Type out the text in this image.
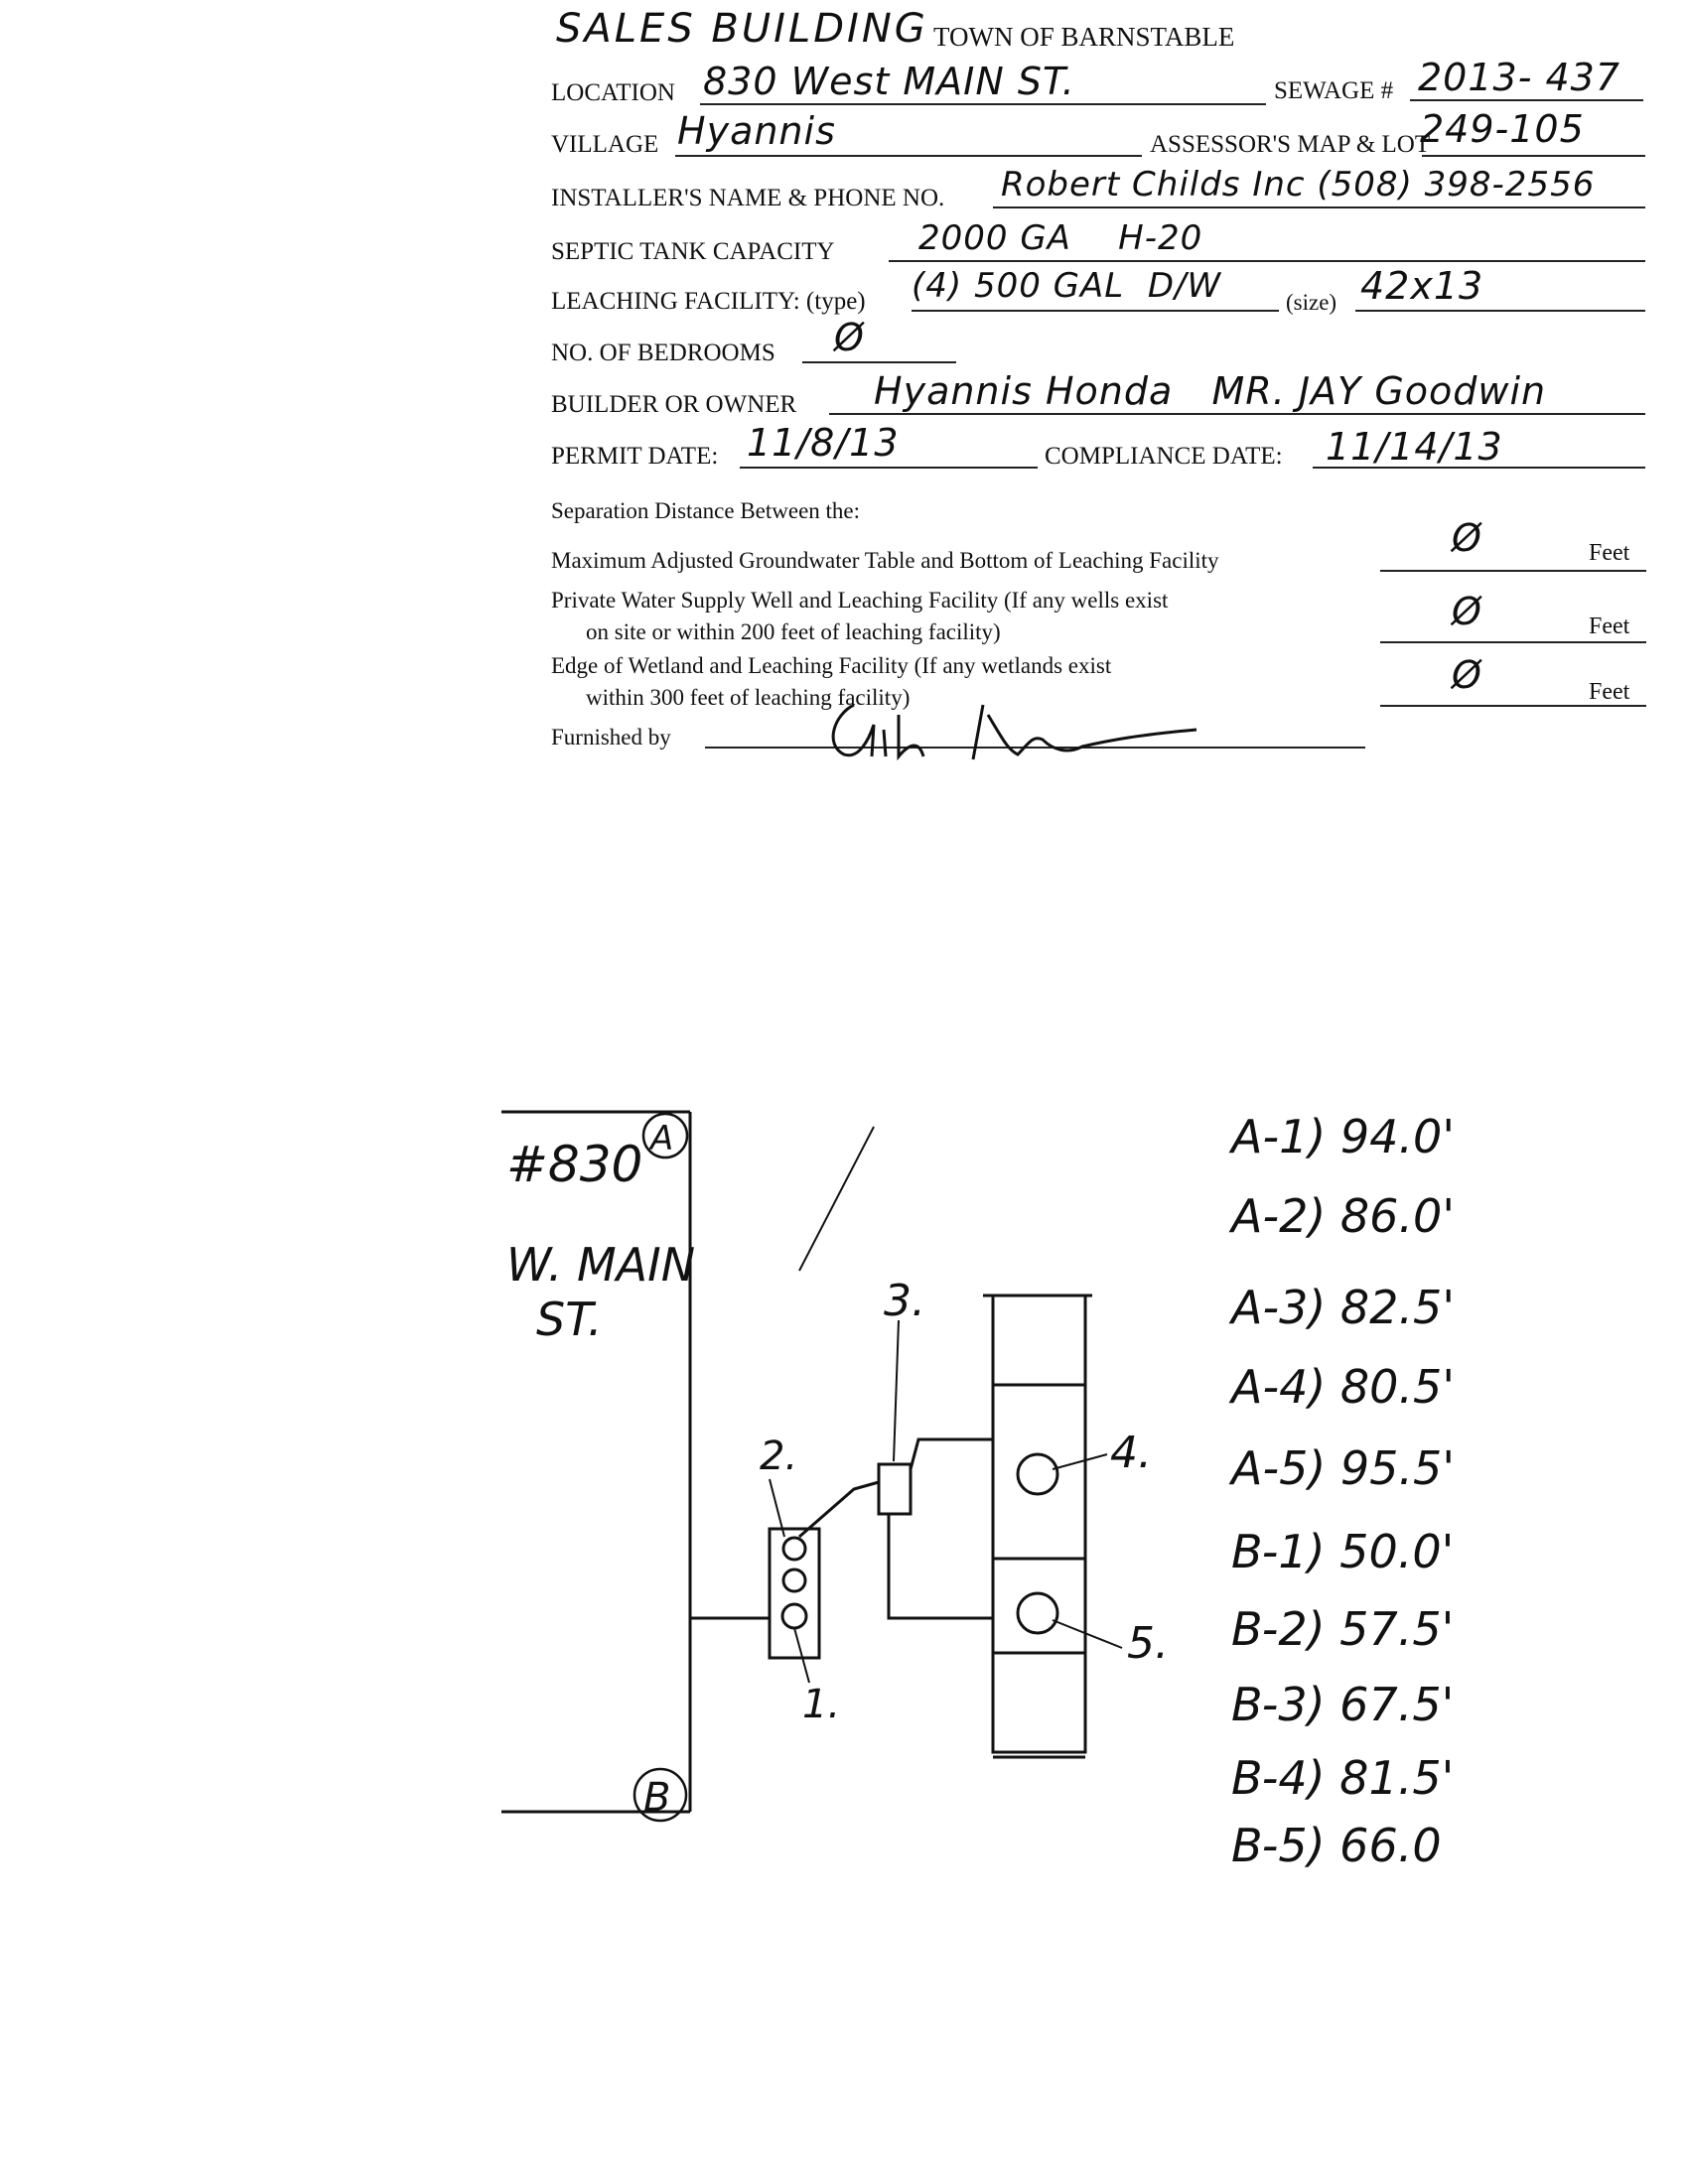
SALES BUILDING TOWN OF BARNSTABLE
LOCATION 830 West MAIN ST.	SEWAGE # 2013- 437
VILLAGE Hyannis	ASSESSOR'S MAP & LOT
249-105
INSTALLER'S NAME & PHONE NO. Robert Childs Inc (508) 398-2556
SEPTIC TANK CAPACITY 2000 GA    H-20
LEACHING FACILITY: (type) (4) 500 GAL  D/W	(size) 42x13
NO. OF BEDROOMS Ø
BUILDER OR OWNER Hyannis Honda   MR. JAY Goodwin
PERMIT DATE: 11/8/13	COMPLIANCE DATE: 11/14/13
Separation Distance Between the:
Maximum Adjusted Groundwater Table and Bottom of Leaching Facility
Ø	Feet
Private Water Supply Well and Leaching Facility (If any wells exist
on site or within 200 feet of leaching facility)	Ø	Feet
Edge of Wetland and Leaching Facility (If any wetlands exist
within 300 feet of leaching facility)
Ø	Feet
Furnished by
A
B
#830
W. MAIN
ST.
1.
2.
3.
4.
5.
A-1) 94.0'
A-2) 86.0'
A-3) 82.5'
A-4) 80.5'
A-5) 95.5'
B-1) 50.0'
B-2) 57.5'
B-3) 67.5'
B-4) 81.5'
B-5) 66.0
